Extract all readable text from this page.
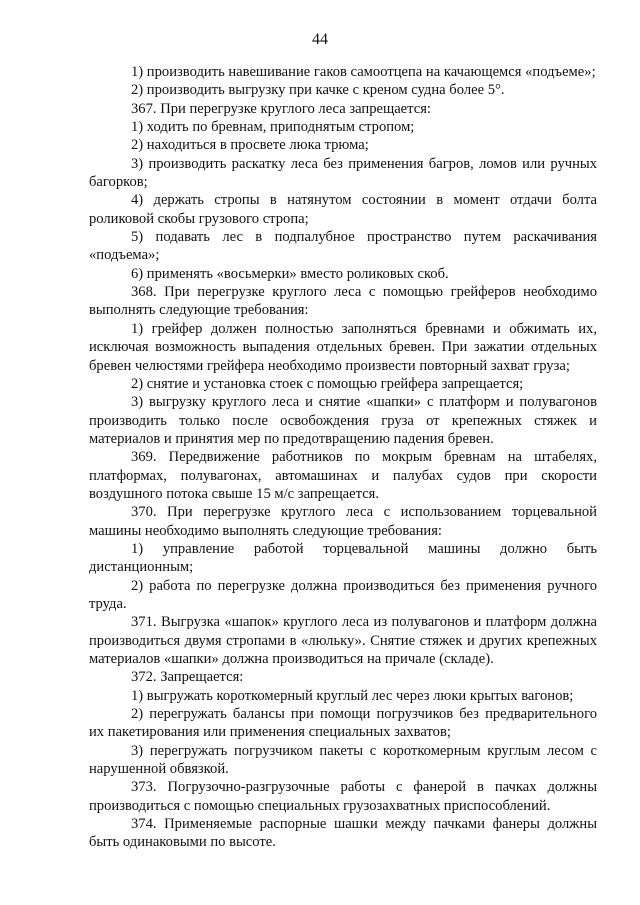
44

1) производить навешивание гаков самоотцепа на качающемся «подъеме»;

2) производить выгрузку при качке с креном судна более 5°.

367. При перегрузке круглого леса запрещается:

1) ходить по бревнам, приподнятым стропом;

2) находиться в просвете люка трюма;

3) производить раскатку леса без применения багров, ломов или ручных багорков;

4) держать стропы в натянутом состоянии в момент отдачи болта роликовой скобы грузового стропа;

5) подавать лес в подпалубное пространство путем раскачивания «подъема»;

6) применять «восьмерки» вместо роликовых скоб.

368. При перегрузке круглого леса с помощью грейферов необходимо выполнять следующие требования:

1) грейфер должен полностью заполняться бревнами и обжимать их, исключая возможность выпадения отдельных бревен. При зажатии отдельных бревен челюстями грейфера необходимо произвести повторный захват груза;

2) снятие и установка стоек с помощью грейфера запрещается;

3) выгрузку круглого леса и снятие «шапки» с платформ и полувагонов производить только после освобождения груза от крепежных стяжек и материалов и принятия мер по предотвращению падения бревен.

369. Передвижение работников по мокрым бревнам на штабелях, платформах, полувагонах, автомашинах и палубах судов при скорости воздушного потока свыше 15 м/с запрещается.

370. При перегрузке круглого леса с использованием торцевальной машины необходимо выполнять следующие требования:

1) управление работой торцевальной машины должно быть дистанционным;

2) работа по перегрузке должна производиться без применения ручного труда.

371. Выгрузка «шапок» круглого леса из полувагонов и платформ должна производиться двумя стропами в «люльку». Снятие стяжек и других крепежных материалов «шапки» должна производиться на причале (складе).

372. Запрещается:

1) выгружать короткомерный круглый лес через люки крытых вагонов;

2) перегружать балансы при помощи погрузчиков без предварительного их пакетирования или применения специальных захватов;

3) перегружать погрузчиком пакеты с короткомерным круглым лесом с нарушенной обвязкой.

373. Погрузочно-разгрузочные работы с фанерой в пачках должны производиться с помощью специальных грузозахватных приспособлений.

374. Применяемые распорные шашки между пачками фанеры должны быть одинаковыми по высоте.
